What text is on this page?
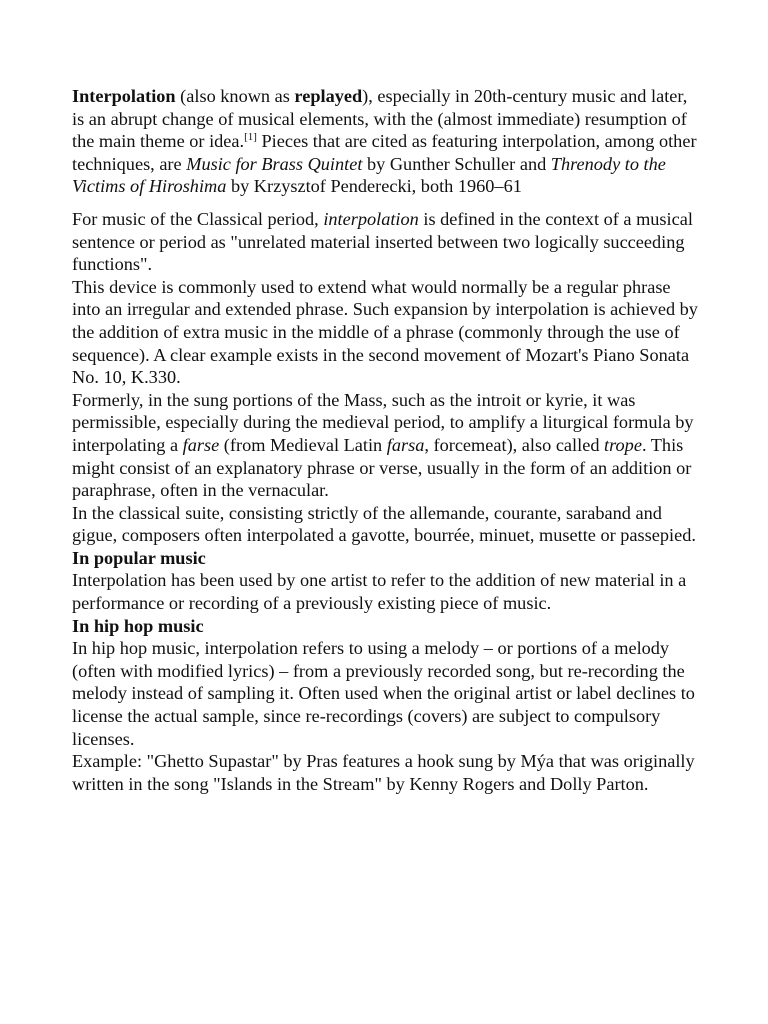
Interpolation (also known as replayed), especially in 20th-century music and later, is an abrupt change of musical elements, with the (almost immediate) resumption of the main theme or idea.[1] Pieces that are cited as featuring interpolation, among other techniques, are Music for Brass Quintet by Gunther Schuller and Threnody to the Victims of Hiroshima by Krzysztof Penderecki, both 1960–61

For music of the Classical period, interpolation is defined in the context of a musical sentence or period as "unrelated material inserted between two logically succeeding functions".

This device is commonly used to extend what would normally be a regular phrase into an irregular and extended phrase. Such expansion by interpolation is achieved by the addition of extra music in the middle of a phrase (commonly through the use of sequence). A clear example exists in the second movement of Mozart's Piano Sonata No. 10, K.330.

Formerly, in the sung portions of the Mass, such as the introit or kyrie, it was permissible, especially during the medieval period, to amplify a liturgical formula by interpolating a farse (from Medieval Latin farsa, forcemeat), also called trope. This might consist of an explanatory phrase or verse, usually in the form of an addition or paraphrase, often in the vernacular.

In the classical suite, consisting strictly of the allemande, courante, saraband and gigue, composers often interpolated a gavotte, bourrée, minuet, musette or passepied.

In popular music

Interpolation has been used by one artist to refer to the addition of new material in a performance or recording of a previously existing piece of music.

In hip hop music

In hip hop music, interpolation refers to using a melody – or portions of a melody (often with modified lyrics) – from a previously recorded song, but re-recording the melody instead of sampling it. Often used when the original artist or label declines to license the actual sample, since re-recordings (covers) are subject to compulsory licenses.

Example: "Ghetto Supastar" by Pras features a hook sung by Mýa that was originally written in the song "Islands in the Stream" by Kenny Rogers and Dolly Parton.
